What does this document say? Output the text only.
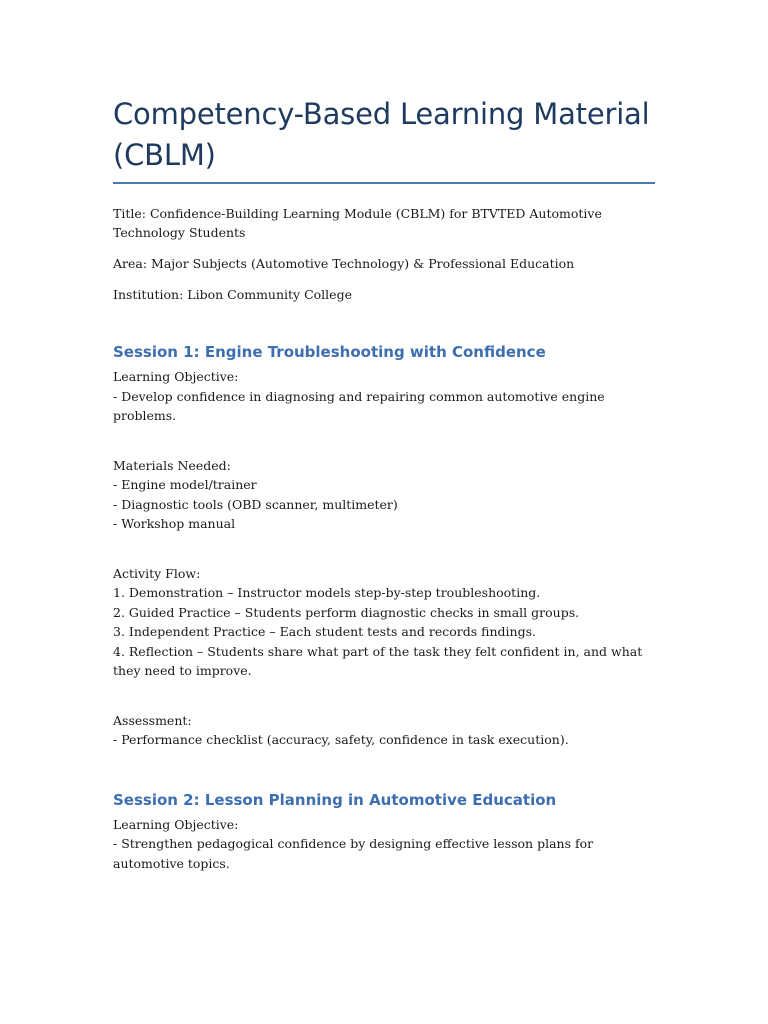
Competency-Based Learning Material (CBLM)

Title: Confidence-Building Learning Module (CBLM) for BTVTED Automotive Technology Students

Area: Major Subjects (Automotive Technology) & Professional Education

Institution: Libon Community College

Session 1: Engine Troubleshooting with Confidence
Learning Objective:
- Develop confidence in diagnosing and repairing common automotive engine problems.
Materials Needed:
- Engine model/trainer
- Diagnostic tools (OBD scanner, multimeter)
- Workshop manual
Activity Flow:
1. Demonstration – Instructor models step-by-step troubleshooting.
2. Guided Practice – Students perform diagnostic checks in small groups.
3. Independent Practice – Each student tests and records findings.
4. Reflection – Students share what part of the task they felt confident in, and what they need to improve.
Assessment:
- Performance checklist (accuracy, safety, confidence in task execution).
Session 2: Lesson Planning in Automotive Education
Learning Objective:
- Strengthen pedagogical confidence by designing effective lesson plans for automotive topics.
